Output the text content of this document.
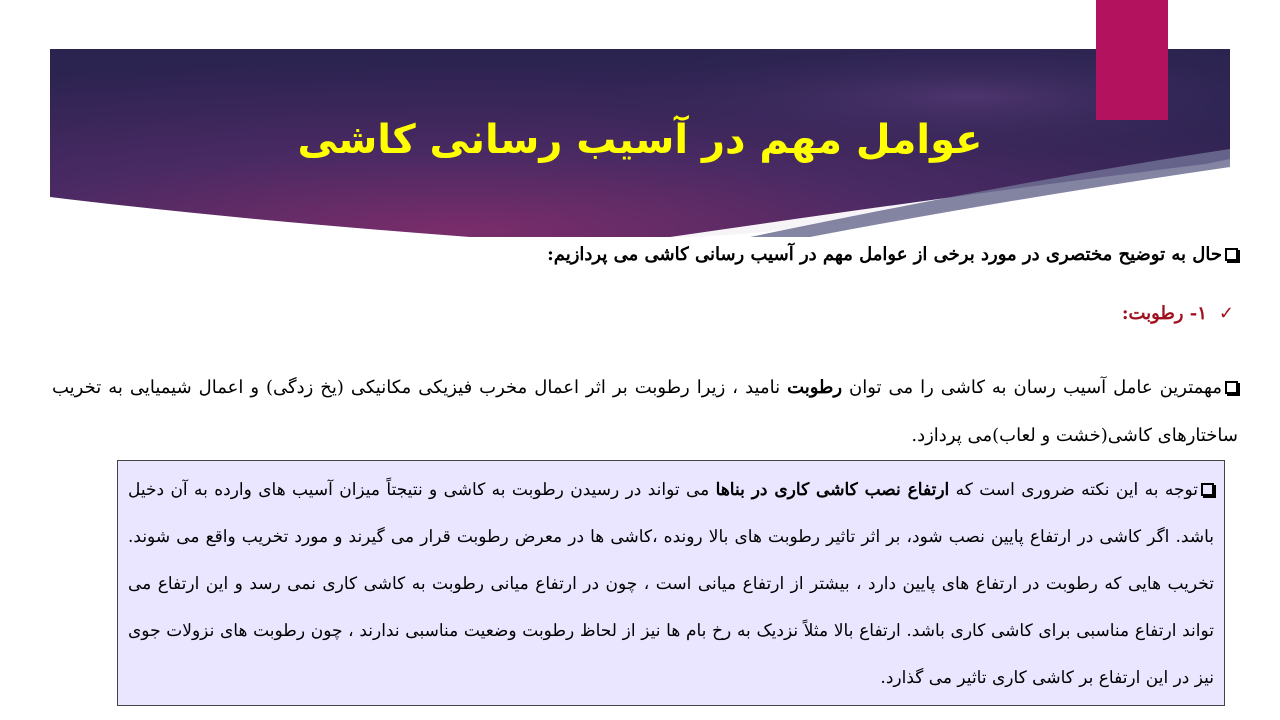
عوامل مهم در آسیب رسانی کاشی
حال به توضیح مختصری در مورد برخی از عوامل مهم در آسیب رسانی کاشی می پردازیم:
✓۱- رطوبت:
مهمترین عامل آسیب رسان به کاشی را می توان رطوبت نامید ، زیرا رطوبت بر اثر اعمال مخرب فیزیکی مکانیکی (یخ زدگی) و اعمال شیمیایی به تخریب ساختارهای کاشی(خشت و لعاب)می پردازد.
توجه به این نکته ضروری است که ارتفاع نصب کاشی کاری در بناها می تواند در رسیدن رطوبت به کاشی و نتیجتاً میزان آسیب های وارده به آن دخیل باشد. اگر کاشی در ارتفاع پایین نصب شود، بر اثر تاثیر رطوبت های بالا رونده ،کاشی ها در معرض رطوبت قرار می گیرند و مورد تخریب واقع می شوند. تخریب هایی که رطوبت در ارتفاع های پایین دارد ، بیشتر از ارتفاع میانی است ، چون در ارتفاع میانی رطوبت به کاشی کاری نمی رسد و این ارتفاع می تواند ارتفاع مناسبی برای کاشی کاری باشد. ارتفاع بالا مثلاً نزدیک به رخ بام ها نیز از لحاظ رطوبت وضعیت مناسبی ندارند ، چون رطوبت های نزولات جوی نیز در این ارتفاع بر کاشی کاری تاثیر می گذارد.
